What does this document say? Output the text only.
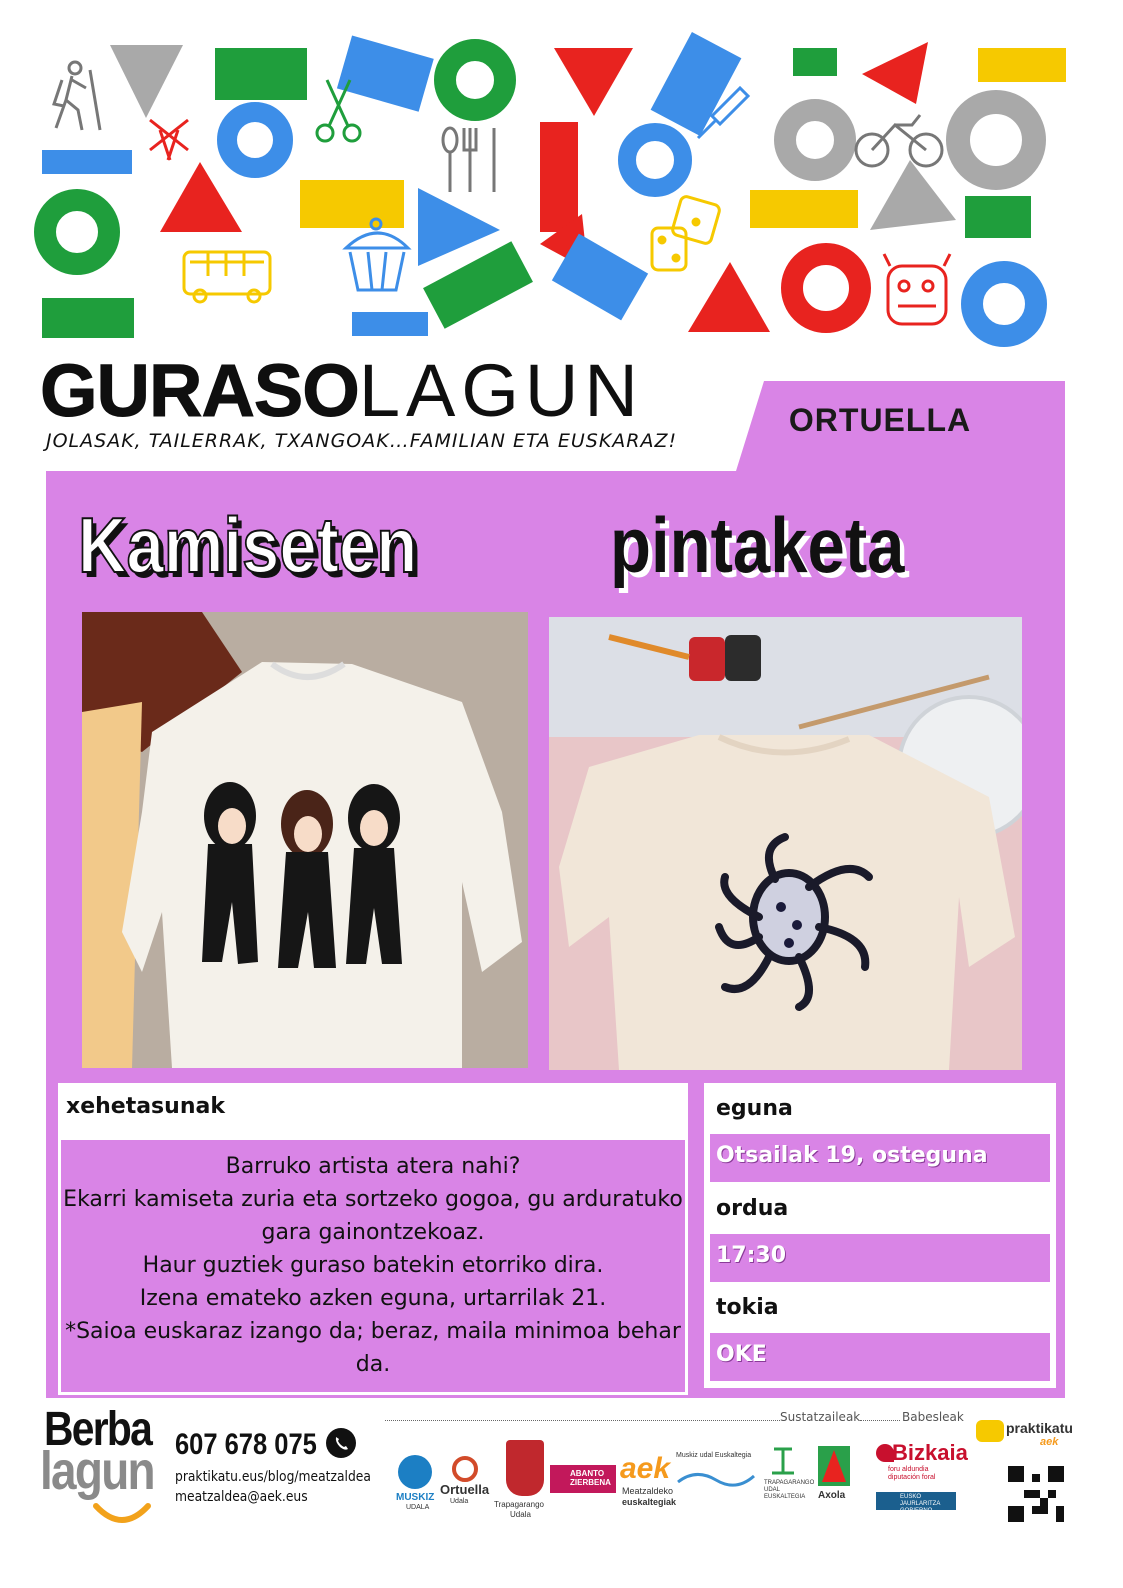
GURASOLAGUN
JOLASAK, TAILERRAK, TXANGOAK…FAMILIAN ETA EUSKARAZ!
ORTUELLA
Kamiseten pintaketa
xehetasunak

Barruko artista atera nahi?

Ekarri kamiseta zuria eta sortzeko gogoa, gu arduratuko gara gainontzekoaz.

Haur guztiek guraso batekin etorriko dira.

Izena emateko azken eguna, urtarrilak 21.

*Saioa euskaraz izango da; beraz, maila minimoa behar da.

eguna
Otsailak 19, osteguna
ordua
17:30
tokia
OKE
Berba
lagun 607 678 075
praktikatu.eus/blog/meatzaldea
meatzaldea@aek.eus
Sustatzaileak	Babesleak
MUSKIZ
UDALA
Ortuella
Udala	Trapagarango
Udala
ABANTO ZIERBENA aek
Meatzaldeko
euskaltegiak
Muskiz udal Euskaltegia
TRAPAGARANGO UDAL EUSKALTEGIA	Axola
Bizkaia
foru aldundia diputación foral
EUSKO JAURLARITZA GOBIERNO VASCO
praktikatu
aek
